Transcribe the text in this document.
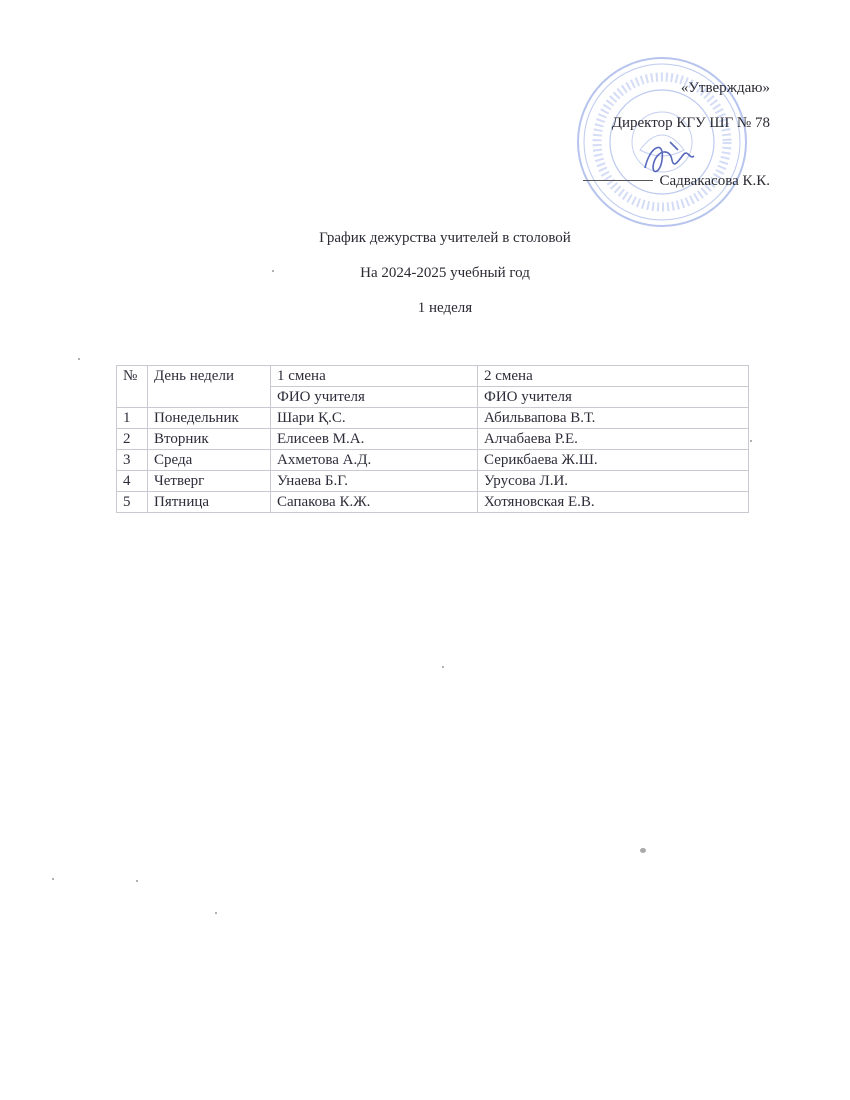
«Утверждаю»
Директор КГУ ШГ № 78
Садвакасова К.К.
График дежурства учителей в столовой
На 2024-2025 учебный год
1 неделя
№	День недели	1 смена	2 смена
		ФИО учителя	ФИО учителя
1	Понедельник	Шари Қ.С.	Абильвапова В.Т.
2	Вторник	Елисеев М.А.	Алчабаева Р.Е.
3	Среда	Ахметова А.Д.	Серикбаева Ж.Ш.
4	Четверг	Унаева Б.Г.	Урусова Л.И.
5	Пятница	Сапакова К.Ж.	Хотяновская Е.В.
